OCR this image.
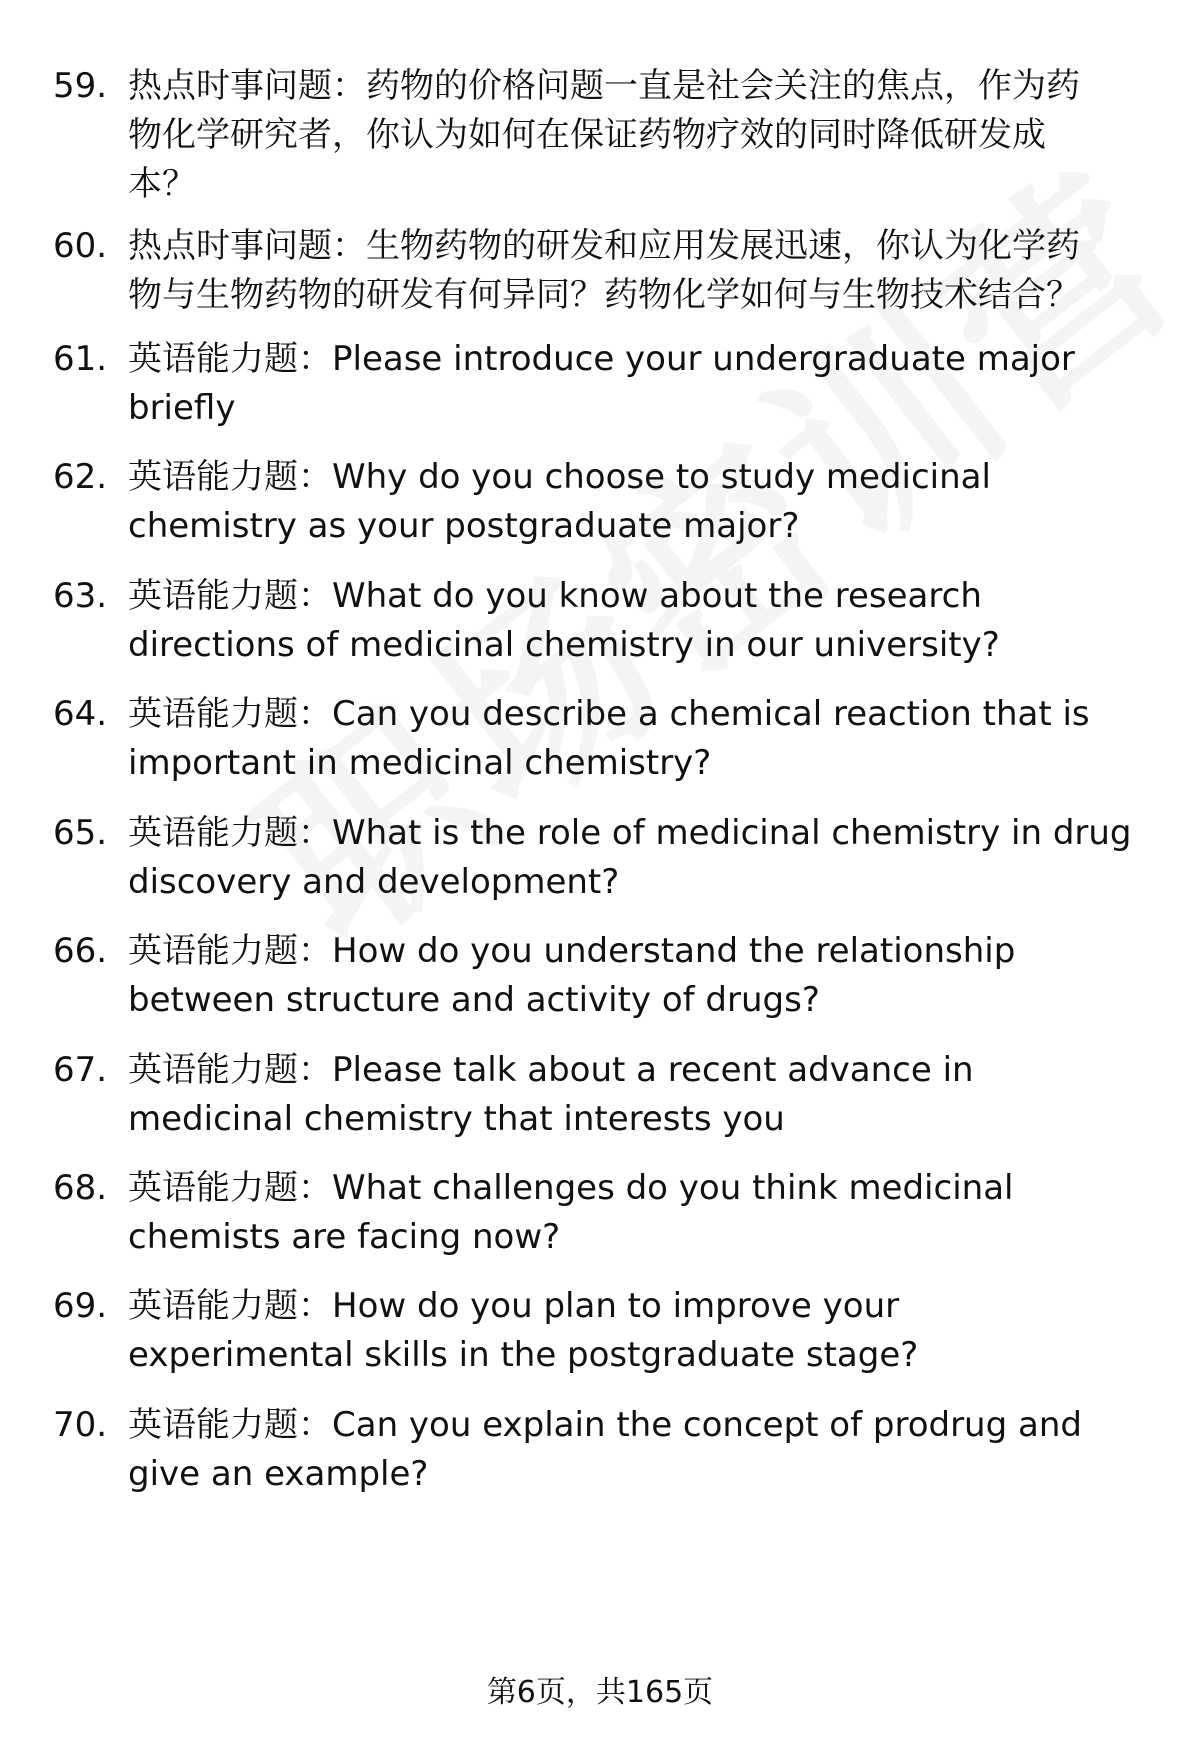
59. 热点时事问题：药物的价格问题一直是社会关注的焦点，作为药
物化学研究者，你认为如何在保证药物疗效的同时降低研发成
本？
60. 热点时事问题：生物药物的研发和应用发展迅速，你认为化学药
物与生物药物的研发有何异同？药物化学如何与生物技术结合？
61. 英语能力题：Please introduce your undergraduate major
briefly
62. 英语能力题：Why do you choose to study medicinal
chemistry as your postgraduate major?
63. 英语能力题：What do you know about the research
directions of medicinal chemistry in our university?
64. 英语能力题：Can you describe a chemical reaction that is
important in medicinal chemistry?
65. 英语能力题：What is the role of medicinal chemistry in drug
discovery and development?
66. 英语能力题：How do you understand the relationship
between structure and activity of drugs?
67. 英语能力题：Please talk about a recent advance in
medicinal chemistry that interests you
68. 英语能力题：What challenges do you think medicinal
chemists are facing now?
69. 英语能力题：How do you plan to improve your
experimental skills in the postgraduate stage?
70. 英语能力题：Can you explain the concept of prodrug and
give an example?
第6页，共165页
